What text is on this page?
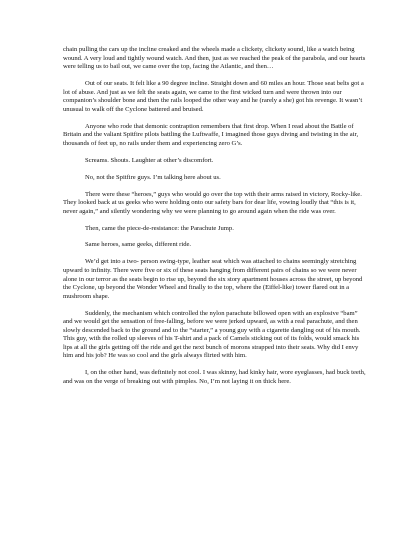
chain pulling the cars up the incline creaked and the wheels made a clickety, clickety sound, like a watch being wound. A very loud and tightly wound watch. And then, just as we reached the peak of the parabola, and our hearts were telling us to bail out, we came over the top, facing the Atlantic, and then…

Out of our seats. It felt like a 90 degree incline. Straight down and 60 miles an hour. Those seat belts got a lot of abuse. And just as we felt the seats again, we came to the first wicked turn and were thrown into our companion’s shoulder bone and then the rails looped the other way and he (rarely a she) got his revenge. It wasn’t unusual to walk off the Cyclone battered and bruised.

Anyone who rode that demonic contraption remembers that first drop. When I read about the Battle of Britain and the valiant Spitfire pilots battling the Luftwaffe, I imagined those guys diving and twisting in the air, thousands of feet up, no rails under them and experiencing zero G’s.

Screams. Shouts. Laughter at other’s discomfort.

No, not the Spitfire guys. I’m talking here about us.

There were these “heroes,” guys who would go over the top with their arms raised in victory, Rocky-like. They looked back at us geeks who were holding onto our safety bars for dear life, vowing loudly that “this is it, never again,” and silently wondering why we were planning to go around again when the ride was over.

Then, came the piece-de-resistance: the Parachute Jump.

Same heroes, same geeks, different ride.

We’d get into a two- person swing-type, leather seat which was attached to chains seemingly stretching upward to infinity. There were five or six of these seats hanging from different pairs of chains so we were never alone in our terror as the seats begin to rise up, beyond the six story apartment houses across the street, up beyond the Cyclone, up beyond the Wonder Wheel and finally to the top, where the (Eiffel-like) tower flared out in a mushroom shape.

Suddenly, the mechanism which controlled the nylon parachute billowed open with an explosive “bam” and we would get the sensation of free-falling, before we were jerked upward, as with a real parachute, and then slowly descended back to the ground and to the “starter,” a young guy with a cigarette dangling out of his mouth. This guy, with the rolled up sleeves of his T-shirt and a pack of Camels sticking out of its folds, would smack his lips at all the girls getting off the ride and get the next bunch of morons strapped into their seats. Why did I envy him and his job? He was so cool and the girls always flirted with him.

I, on the other hand, was definitely not cool. I was skinny, had kinky hair, wore eyeglasses, had buck teeth, and was on the verge of breaking out with pimples. No, I’m not laying it on thick here.
